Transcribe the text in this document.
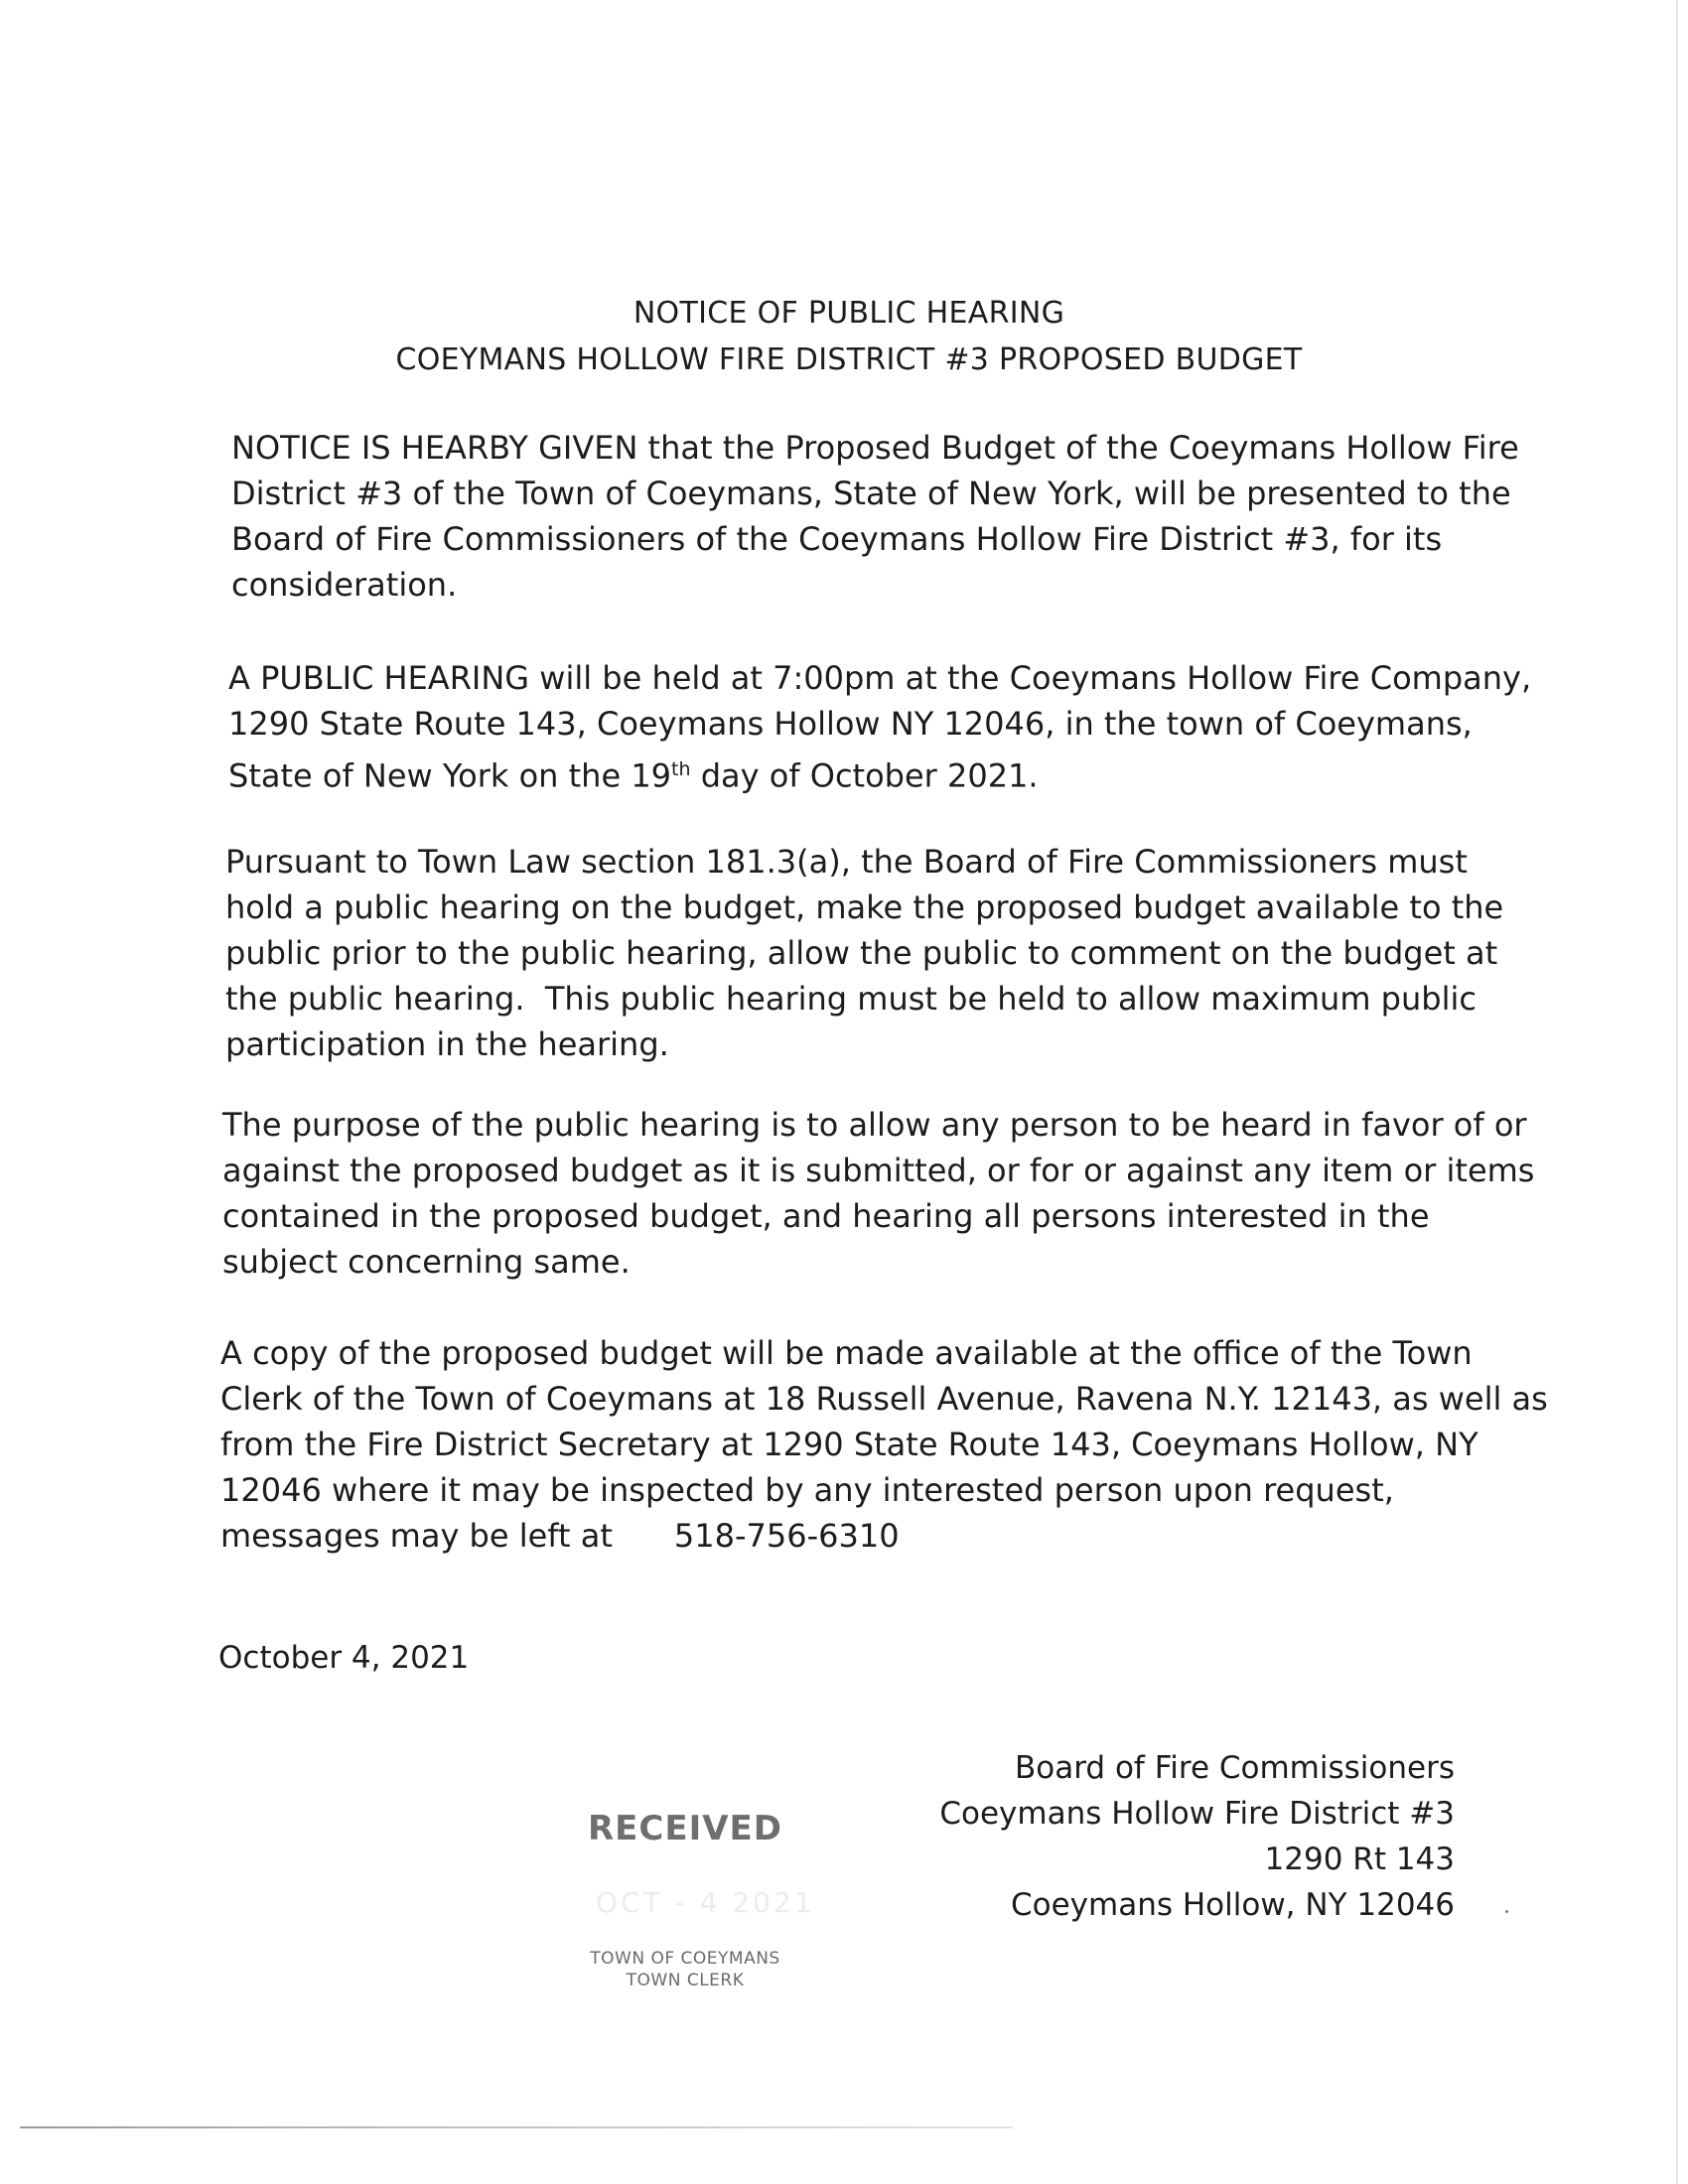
NOTICE OF PUBLIC HEARING
COEYMANS HOLLOW FIRE DISTRICT #3 PROPOSED BUDGET
NOTICE IS HEARBY GIVEN that the Proposed Budget of the Coeymans Hollow Fire
District #3 of the Town of Coeymans, State of New York, will be presented to the
Board of Fire Commissioners of the Coeymans Hollow Fire District #3, for its
consideration.
A PUBLIC HEARING will be held at 7:00pm at the Coeymans Hollow Fire Company,
1290 State Route 143, Coeymans Hollow NY 12046, in the town of Coeymans,
State of New York on the 19th day of October 2021.
Pursuant to Town Law section 181.3(a), the Board of Fire Commissioners must
hold a public hearing on the budget, make the proposed budget available to the
public prior to the public hearing, allow the public to comment on the budget at
the public hearing.  This public hearing must be held to allow maximum public
participation in the hearing.
The purpose of the public hearing is to allow any person to be heard in favor of or
against the proposed budget as it is submitted, or for or against any item or items
contained in the proposed budget, and hearing all persons interested in the
subject concerning same.
A copy of the proposed budget will be made available at the office of the Town
Clerk of the Town of Coeymans at 18 Russell Avenue, Ravena N.Y. 12143, as well as
from the Fire District Secretary at 1290 State Route 143, Coeymans Hollow, NY
12046 where it may be inspected by any interested person upon request,
messages may be left at 518-756-6310
October 4, 2021
Board of Fire Commissioners
Coeymans Hollow Fire District #3
1290 Rt 143
Coeymans Hollow, NY 12046
RECEIVED
OCT - 4 2021
TOWN OF COEYMANS
TOWN CLERK
